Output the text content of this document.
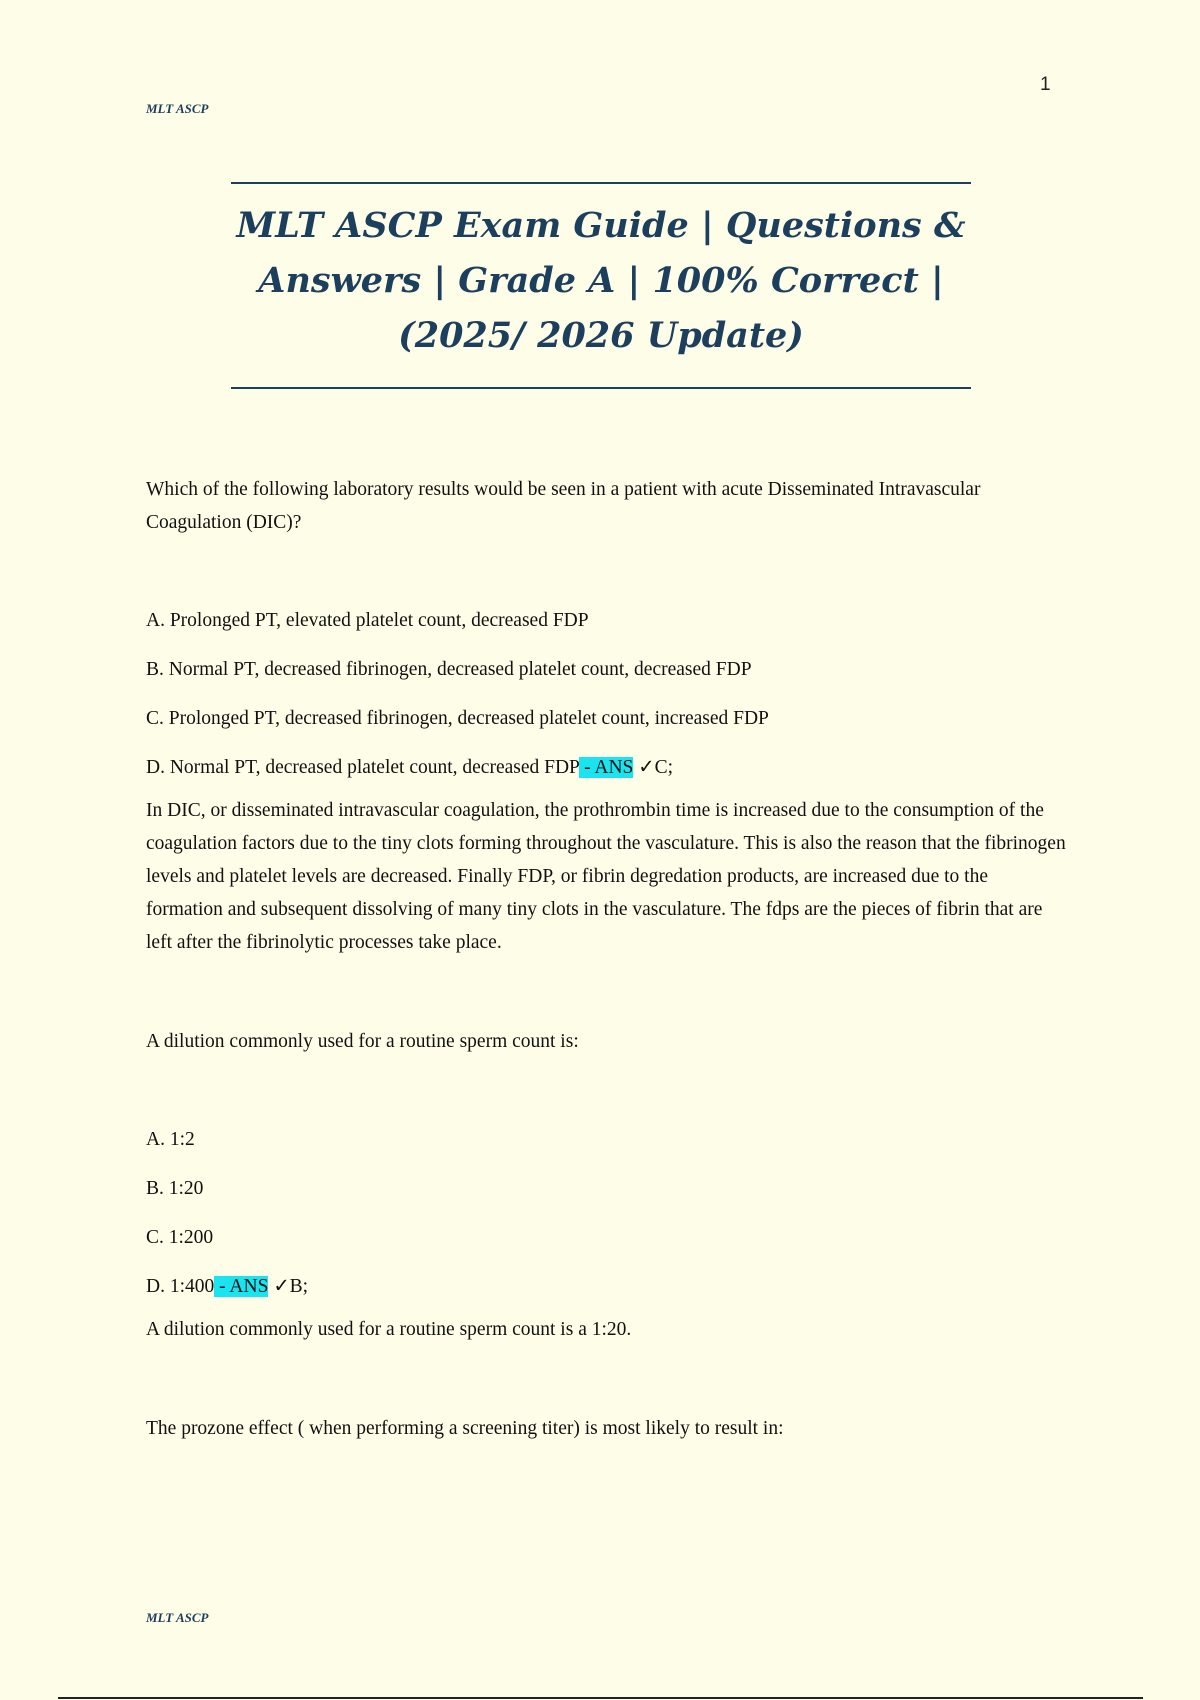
1
MLT ASCP
MLT ASCP Exam Guide | Questions & Answers | Grade A | 100% Correct | (2025/ 2026 Update)

Which of the following laboratory results would be seen in a patient with acute Disseminated Intravascular Coagulation (DIC)?

A. Prolonged PT, elevated platelet count, decreased FDP

B. Normal PT, decreased fibrinogen, decreased platelet count, decreased FDP

C. Prolonged PT, decreased fibrinogen, decreased platelet count, increased FDP

D. Normal PT, decreased platelet count, decreased FDP - ANS ✓C;

In DIC, or disseminated intravascular coagulation, the prothrombin time is increased due to the consumption of the coagulation factors due to the tiny clots forming throughout the vasculature. This is also the reason that the fibrinogen levels and platelet levels are decreased. Finally FDP, or fibrin degredation products, are increased due to the formation and subsequent dissolving of many tiny clots in the vasculature. The fdps are the pieces of fibrin that are left after the fibrinolytic processes take place.

A dilution commonly used for a routine sperm count is:

A. 1:2

B. 1:20

C. 1:200

D. 1:400 - ANS ✓B;

A dilution commonly used for a routine sperm count is a 1:20.

The prozone effect ( when performing a screening titer) is most likely to result in:

MLT ASCP
